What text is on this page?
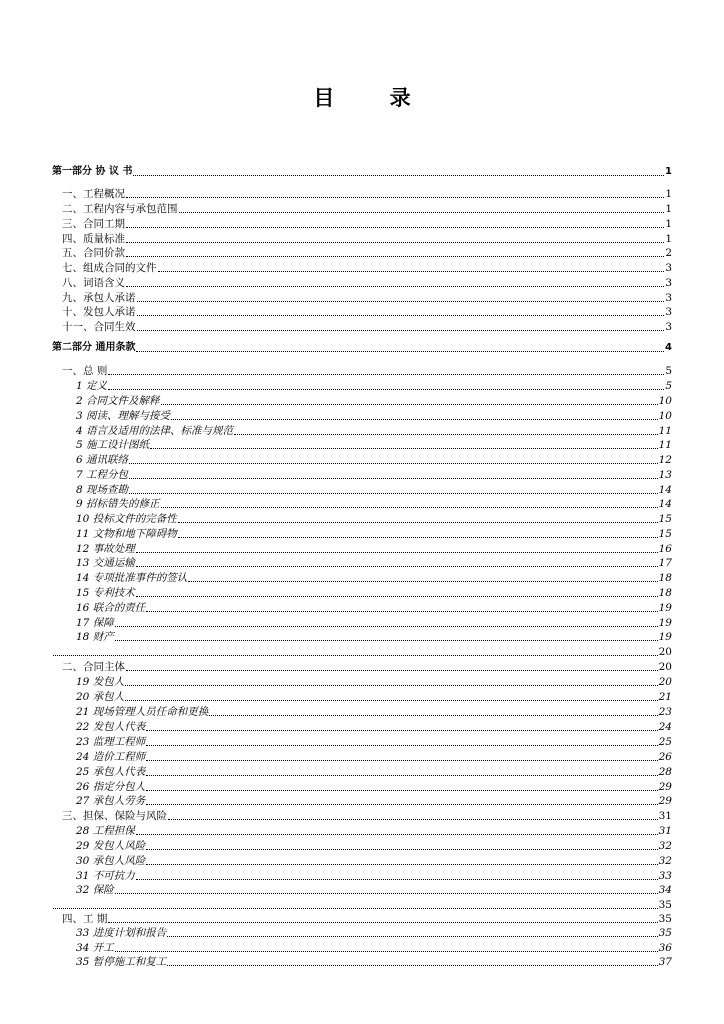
目 录
第一部分 协 议 书	1
一、工程概况	1
二、工程内容与承包范围	1
三、合同工期	1
四、质量标准	1
五、合同价款	2
七、组成合同的文件	3
八、词语含义	3
九、承包人承诺	3
十、发包人承诺	3
十一、合同生效	3
第二部分 通用条款	4
一、总 则	5
1 定义	5
2 合同文件及解释	10
3 阅读、理解与接受	10
4 语言及适用的法律、标准与规范	11
5 施工设计图纸	11
6 通讯联络	12
7 工程分包	13
8 现场查勘	14
9 招标错失的修正	14
10 投标文件的完备性	15
11 文物和地下障碍物	15
12 事故处理	16
13 交通运输	17
14 专项批准事件的签认	18
15 专利技术	18
16 联合的责任	19
17 保障	19
18 财产	19
20
二、合同主体	20
19 发包人	20
20 承包人	21
21 现场管理人员任命和更换	23
22 发包人代表	24
23 监理工程师	25
24 造价工程师	26
25 承包人代表	28
26 指定分包人	29
27 承包人劳务	29
三、担保、保险与风险	31
28 工程担保	31
29 发包人风险	32
30 承包人风险	32
31 不可抗力	33
32 保险	34
35
四、工 期	35
33 进度计划和报告	35
34 开工	36
35 暂停施工和复工	37
